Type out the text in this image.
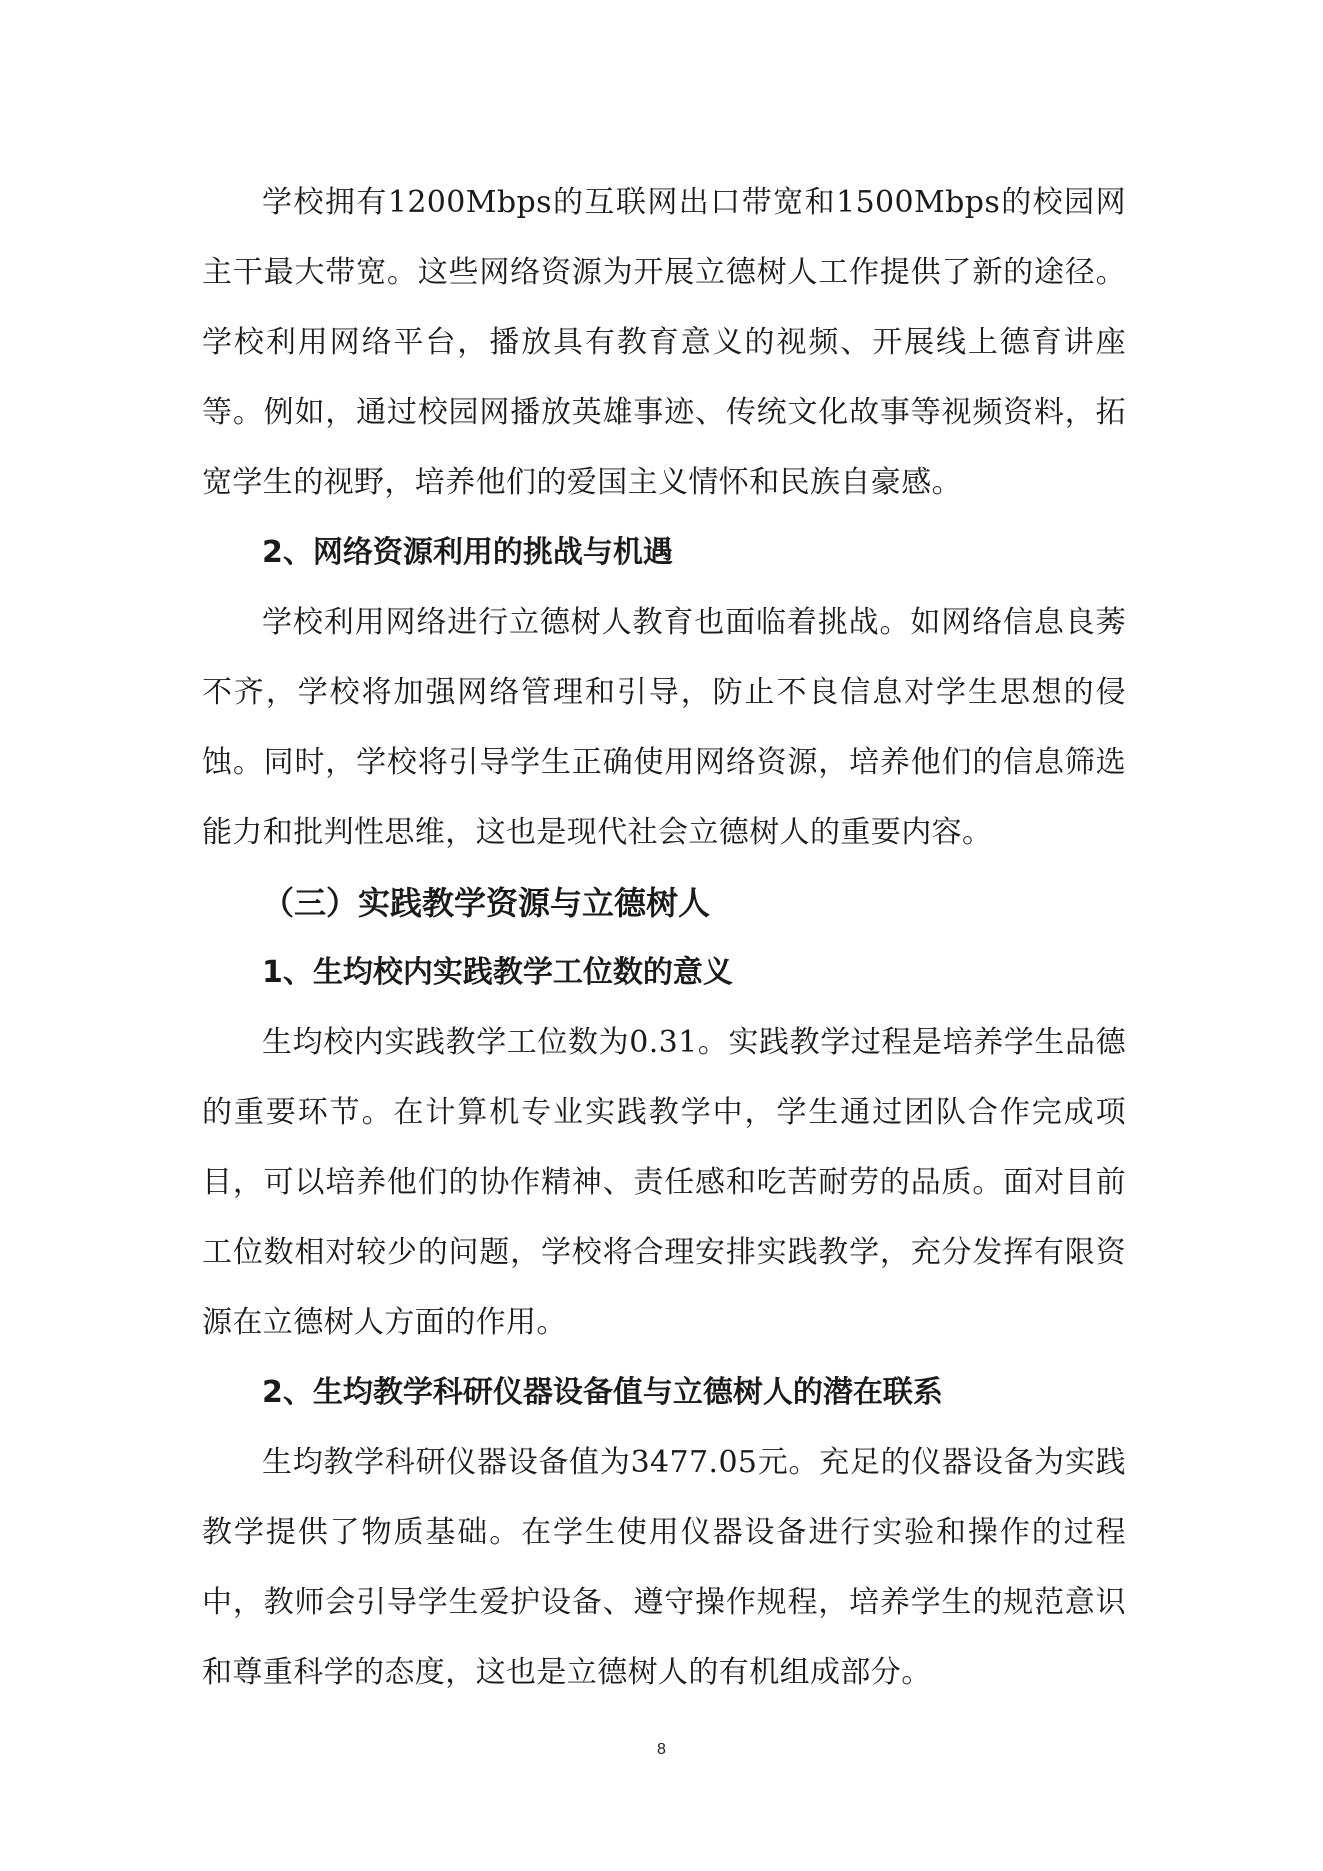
学校拥有1200Mbps的互联网出口带宽和1500Mbps的校园网主干最大带宽。这些网络资源为开展立德树人工作提供了新的途径。学校利用网络平台，播放具有教育意义的视频、开展线上德育讲座等。例如，通过校园网播放英雄事迹、传统文化故事等视频资料，拓宽学生的视野，培养他们的爱国主义情怀和民族自豪感。

2、网络资源利用的挑战与机遇

学校利用网络进行立德树人教育也面临着挑战。如网络信息良莠不齐，学校将加强网络管理和引导，防止不良信息对学生思想的侵蚀。同时，学校将引导学生正确使用网络资源，培养他们的信息筛选能力和批判性思维，这也是现代社会立德树人的重要内容。

（三）实践教学资源与立德树人

1、生均校内实践教学工位数的意义

生均校内实践教学工位数为0.31。实践教学过程是培养学生品德的重要环节。在计算机专业实践教学中，学生通过团队合作完成项目，可以培养他们的协作精神、责任感和吃苦耐劳的品质。面对目前工位数相对较少的问题，学校将合理安排实践教学，充分发挥有限资源在立德树人方面的作用。

2、生均教学科研仪器设备值与立德树人的潜在联系

生均教学科研仪器设备值为3477.05元。充足的仪器设备为实践教学提供了物质基础。在学生使用仪器设备进行实验和操作的过程中，教师会引导学生爱护设备、遵守操作规程，培养学生的规范意识和尊重科学的态度，这也是立德树人的有机组成部分。

8
